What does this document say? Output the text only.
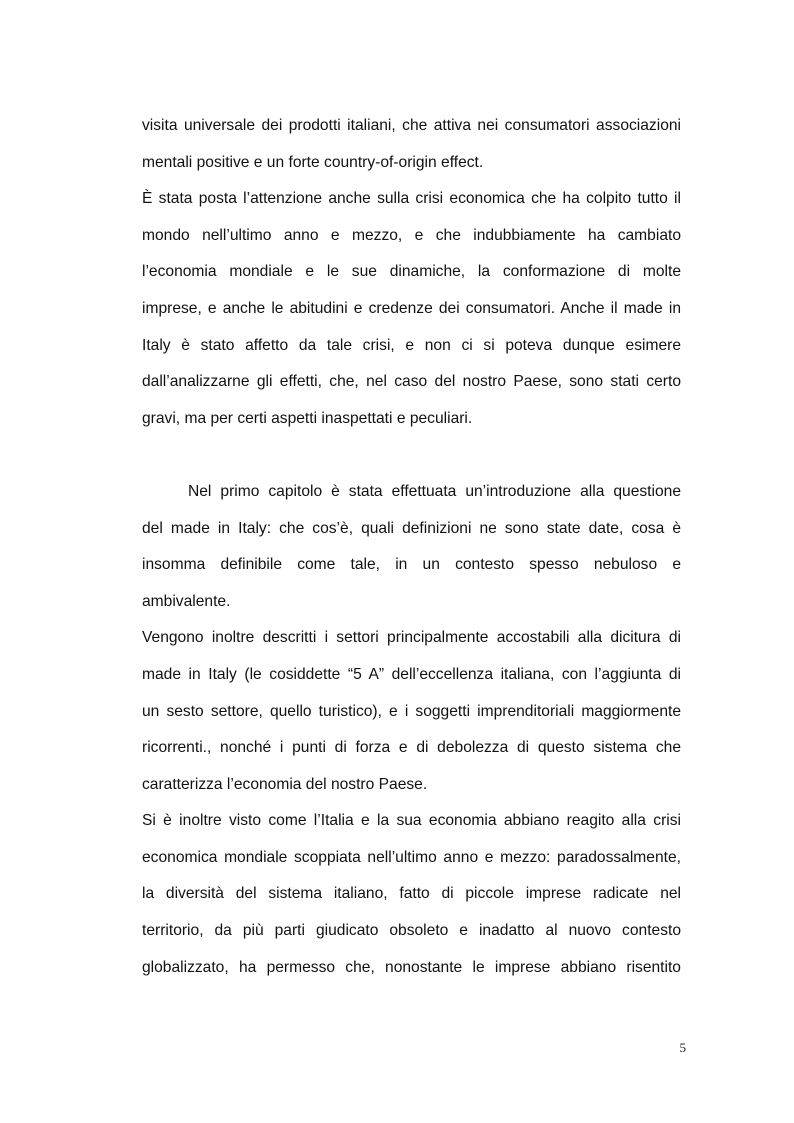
visita universale dei prodotti italiani, che attiva nei consumatori associazioni
mentali positive e un forte country-of-origin effect.
È stata posta l’attenzione anche sulla crisi economica che ha colpito tutto il
mondo nell’ultimo anno e mezzo, e che indubbiamente ha cambiato
l’economia mondiale e le sue dinamiche, la conformazione di molte
imprese, e anche le abitudini e credenze dei consumatori. Anche il made in
Italy è stato affetto da tale crisi, e non ci si poteva dunque esimere
dall’analizzarne gli effetti, che, nel caso del nostro Paese, sono stati certo
gravi, ma per certi aspetti inaspettati e peculiari.
Nel primo capitolo è stata effettuata un’introduzione alla questione
del made in Italy: che cos’è, quali definizioni ne sono state date, cosa è
insomma definibile come tale, in un contesto spesso nebuloso e
ambivalente.
Vengono inoltre descritti i settori principalmente accostabili alla dicitura di
made in Italy (le cosiddette “5 A” dell’eccellenza italiana, con l’aggiunta di
un sesto settore, quello turistico), e i soggetti imprenditoriali maggiormente
ricorrenti., nonché i punti di forza e di debolezza di questo sistema che
caratterizza l’economia del nostro Paese.
Si è inoltre visto come l’Italia e la sua economia abbiano reagito alla crisi
economica mondiale scoppiata nell’ultimo anno e mezzo: paradossalmente,
la diversità del sistema italiano, fatto di piccole imprese radicate nel
territorio, da più parti giudicato obsoleto e inadatto al nuovo contesto
globalizzato, ha permesso che, nonostante le imprese abbiano risentito
5
